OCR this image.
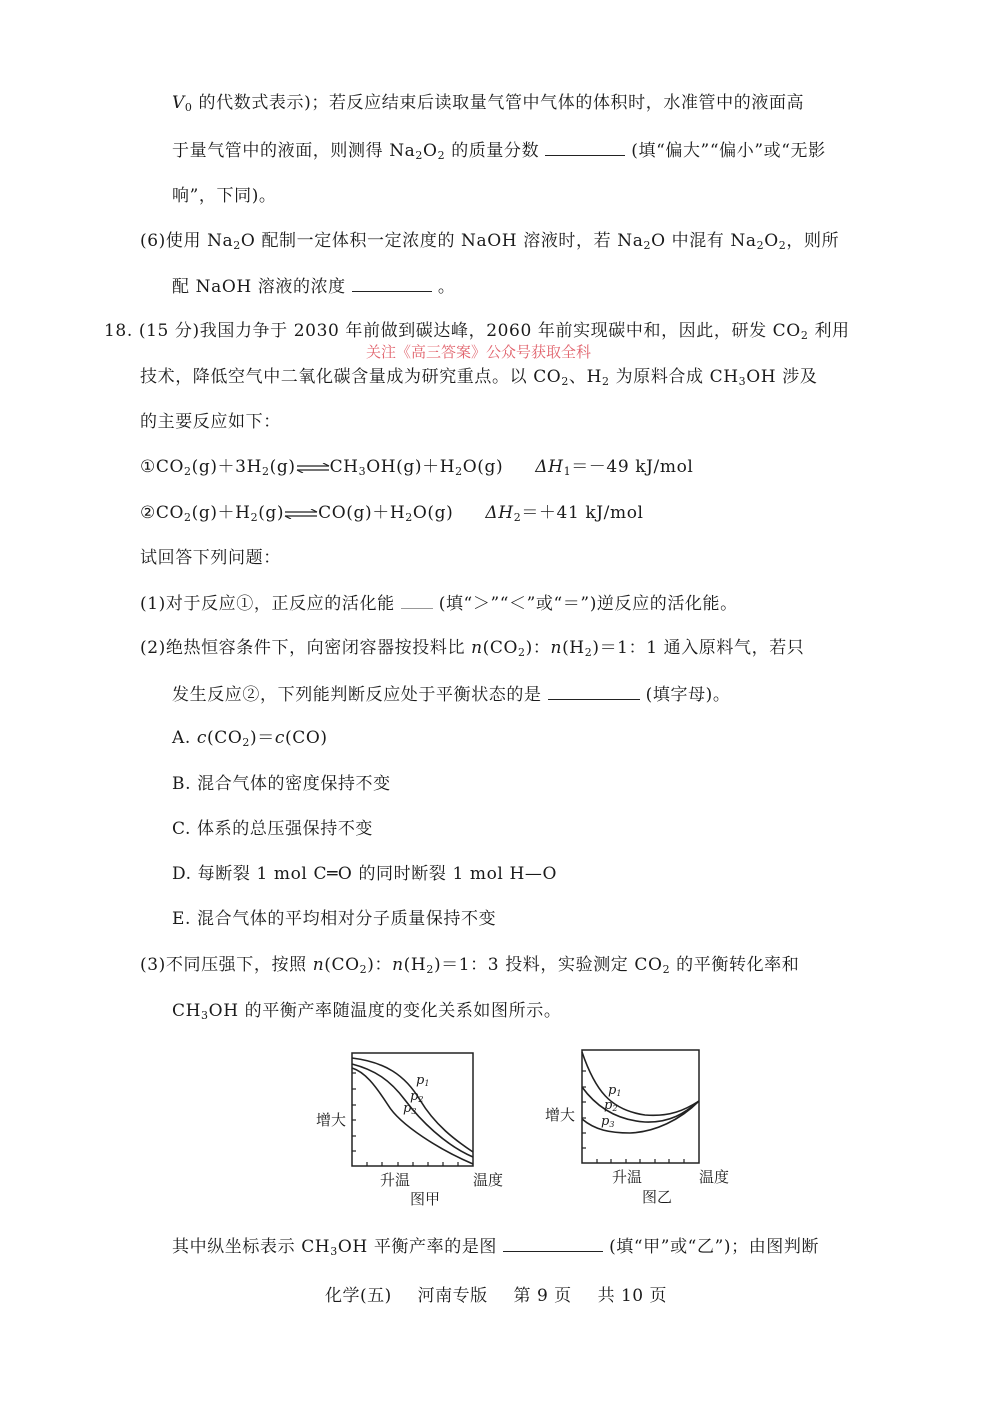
$V_0$ 的代数式表示)；若反应结束后读取量气管中气体的体积时，水准管中的液面高
于量气管中的液面，则测得 $Na_2O_2$ 的质量分数	(填“偏大”“偏小”或“无影
响”，下同)。
(6)使用 $Na_2O$ 配制一定体积一定浓度的 NaOH 溶液时，若 $Na_2O$ 中混有 $Na_2O_2$，则所
配 NaOH 溶液的浓度	。
18. (15 分)我国力争于 2030 年前做到碳达峰，2060 年前实现碳中和，因此，研发 $CO_2$ 利用
关注《高三答案》公众号获取全科
技术，降低空气中二氧化碳含量成为研究重点。以 $CO_2$、$H_2$ 为原料合成 $CH_3OH$ 涉及
的主要反应如下：
$①CO_2(g)+3H_2(g)\rightleftharpoons CH_3OH(g)+H_2O(g)$ $\Delta H_1=-49$ kJ/mol
$②CO_2(g)+H_2(g)\rightleftharpoons CO(g)+H_2O(g)$ $\Delta H_2=+41$ kJ/mol
试回答下列问题：
(1)对于反应①，正反应的活化能	(填“＞”“＜”或“＝”)逆反应的活化能。
(2)绝热恒容条件下，向密闭容器按投料比 $n(CO_2)$：$n(H_2)=1$：1 通入原料气，若只
发生反应②，下列能判断反应处于平衡状态的是	(填字母)。
A. $c(CO_2)=c(CO)$
B. 混合气体的密度保持不变
C. 体系的总压强保持不变
D. 每断裂 1 mol C═O 的同时断裂 1 mol H—O
E. 混合气体的平均相对分子质量保持不变
(3)不同压强下，按照 $n(CO_2)$：$n(H_2)=1$：3 投料，实验测定 $CO_2$ 的平衡转化率和
$CH_3OH$ 的平衡产率随温度的变化关系如图所示。
$p_1$
$p_2$
$p_3$
增大
升温	温度
图甲
$p_1$
$p_2$
$p_3$
增大
升温	温度
图乙
其中纵坐标表示 $CH_3OH$ 平衡产率的是图	(填“甲”或“乙”)；由图判断
化学(五) 河南专版 第 9 页 共 10 页
